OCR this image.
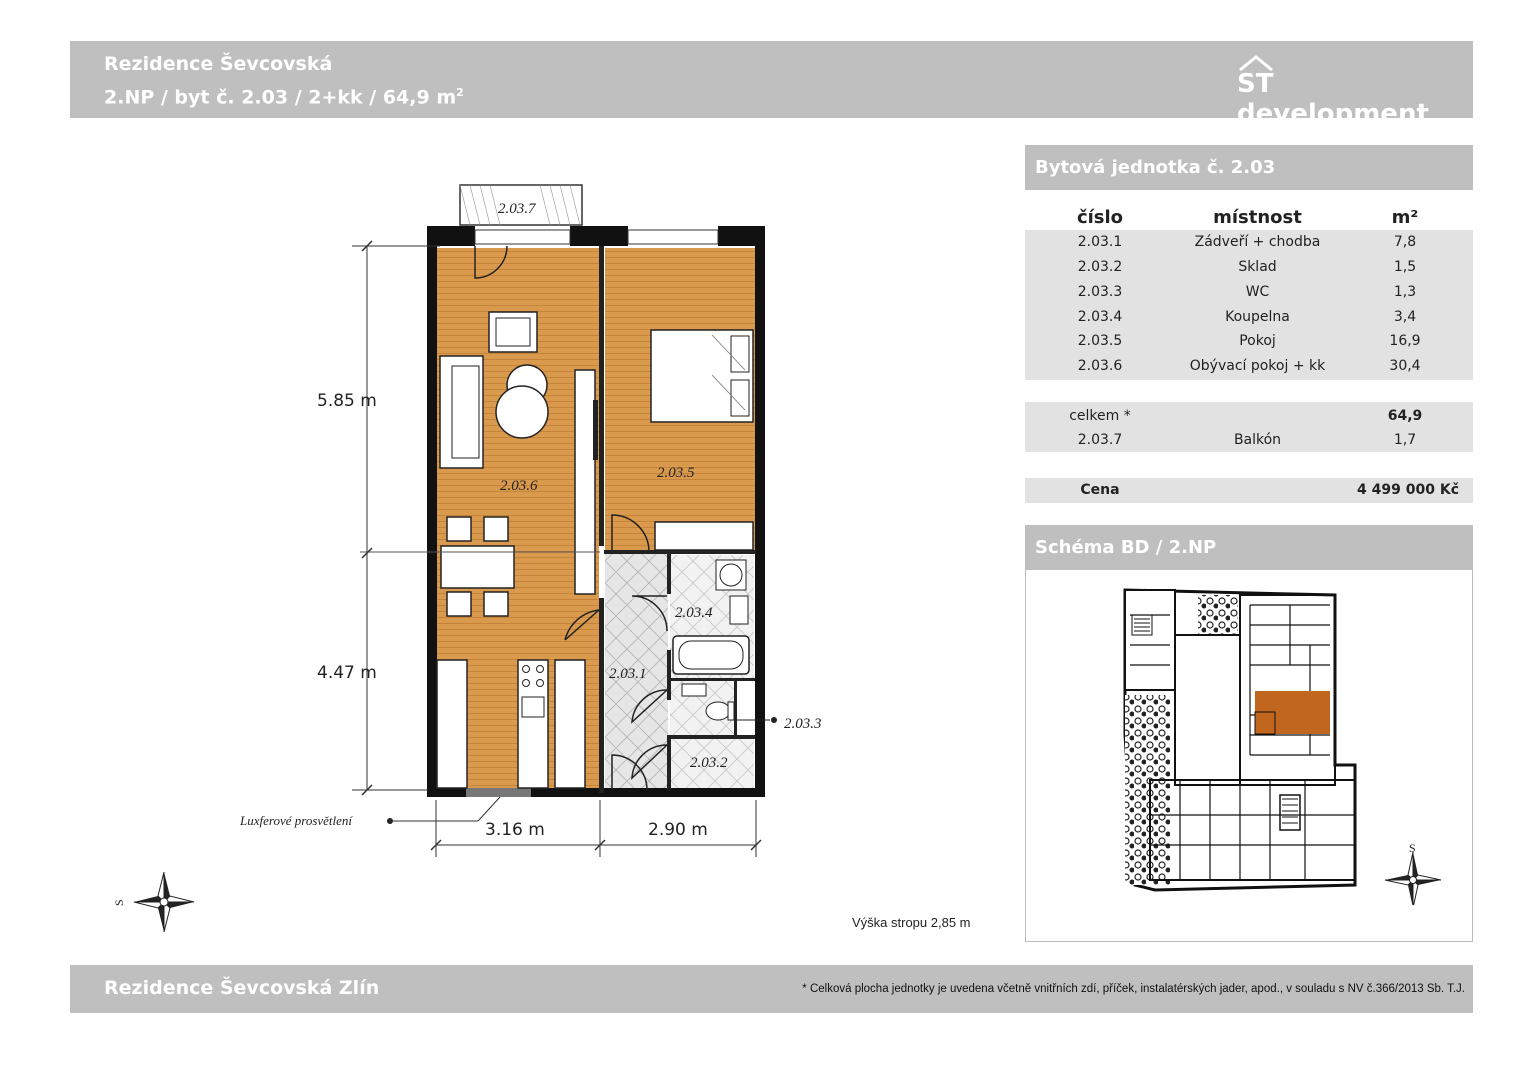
Rezidence Ševcovská
2.NP / byt č. 2.03 / 2+kk / 64,9 $m^2$	ST development
2.03.7
2.03.6
2.03.5
2.03.4
2.03.1
2.03.2
2.03.3
S
5.85 m
4.47 m
3.16 m	2.90 m
Luxferové prosvětlení
Výška stropu 2,85 m
Bytová jednotka č. 2.03
číslo	místnost	m²
2.03.1	Zádveří + chodba	7,8
2.03.2	Sklad	1,5
2.03.3	WC	1,3
2.03.4	Koupelna	3,4
2.03.5	Pokoj	16,9
2.03.6	Obývací pokoj + kk	30,4
celkem *	64,9
2.03.7	Balkón	1,7
Cena	4 499 000 Kč
Schéma BD / 2.NP
S
Rezidence Ševcovská Zlín	* Celková plocha jednotky je uvedena včetně vnitřních zdí, příček, instalatérských jader, apod., v souladu s NV č.366/2013 Sb. T.J.
